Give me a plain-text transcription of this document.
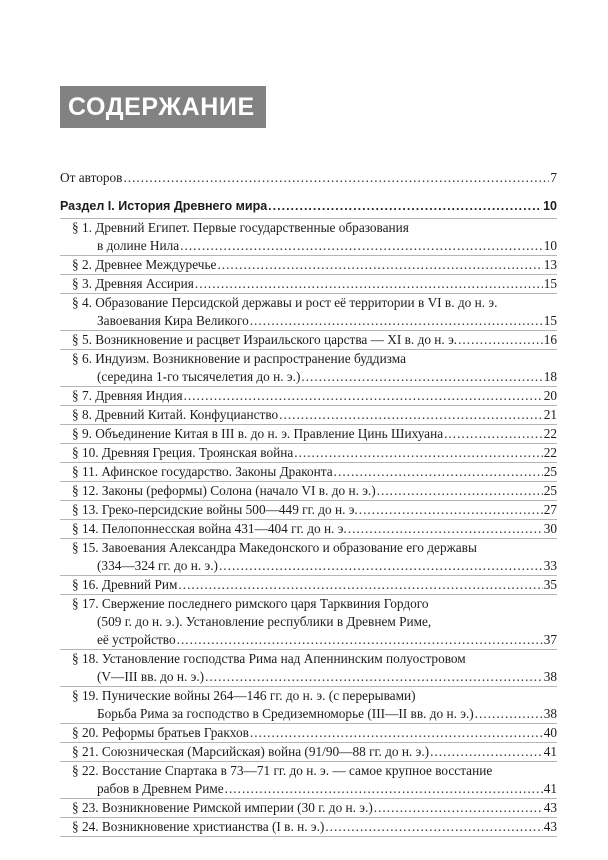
СОДЕРЖАНИЕ
От авторов .....	7
Раздел I. История Древнего мира .....	10
§ 1. Древний Египет. Первые государственные образования
в долине Нила .....	10
§ 2. Древнее Междуречье .....	13
§ 3. Древняя Ассирия .....	15
§ 4. Образование Персидской державы и рост её территории в VI в. до н. э.
Завоевания Кира Великого .....	15
§ 5. Возникновение и расцвет Израильского царства — XI в. до н. э. .....	16
§ 6. Индуизм. Возникновение и распространение буддизма
(середина 1-го тысячелетия до н. э.) .....	18
§ 7. Древняя Индия .....	20
§ 8. Древний Китай. Конфуцианство .....	21
§ 9. Объединение Китая в III в. до н. э. Правление Цинь Шихуана .....	22
§ 10. Древняя Греция. Троянская война .....	22
§ 11. Афинское государство. Законы Драконта .....	25
§ 12. Законы (реформы) Солона (начало VI в. до н. э.) .....	25
§ 13. Греко-персидские войны 500—449 гг. до н. э. .....	27
§ 14. Пелопоннесская война 431—404 гг. до н. э. .....	30
§ 15. Завоевания Александра Македонского и образование его державы
(334—324 гг. до н. э.) .....	33
§ 16. Древний Рим .....	35
§ 17. Свержение последнего римского царя Тарквиния Гордого
(509 г. до н. э.). Установление республики в Древнем Риме,
её устройство .....	37
§ 18. Установление господства Рима над Апеннинским полуостровом
(V—III вв. до н. э.) .....	38
§ 19. Пунические войны 264—146 гг. до н. э. (с перерывами)
Борьба Рима за господство в Средиземноморье (III—II вв. до н. э.) .....	38
§ 20. Реформы братьев Гракхов .....	40
§ 21. Союзническая (Марсийская) война (91/90—88 гг. до н. э.) .....	41
§ 22. Восстание Спартака в 73—71 гг. до н. э. — самое крупное восстание
рабов в Древнем Риме .....	41
§ 23. Возникновение Римской империи (30 г. до н. э.) .....	43
§ 24. Возникновение христианства (I в. н. э.) .....	43
